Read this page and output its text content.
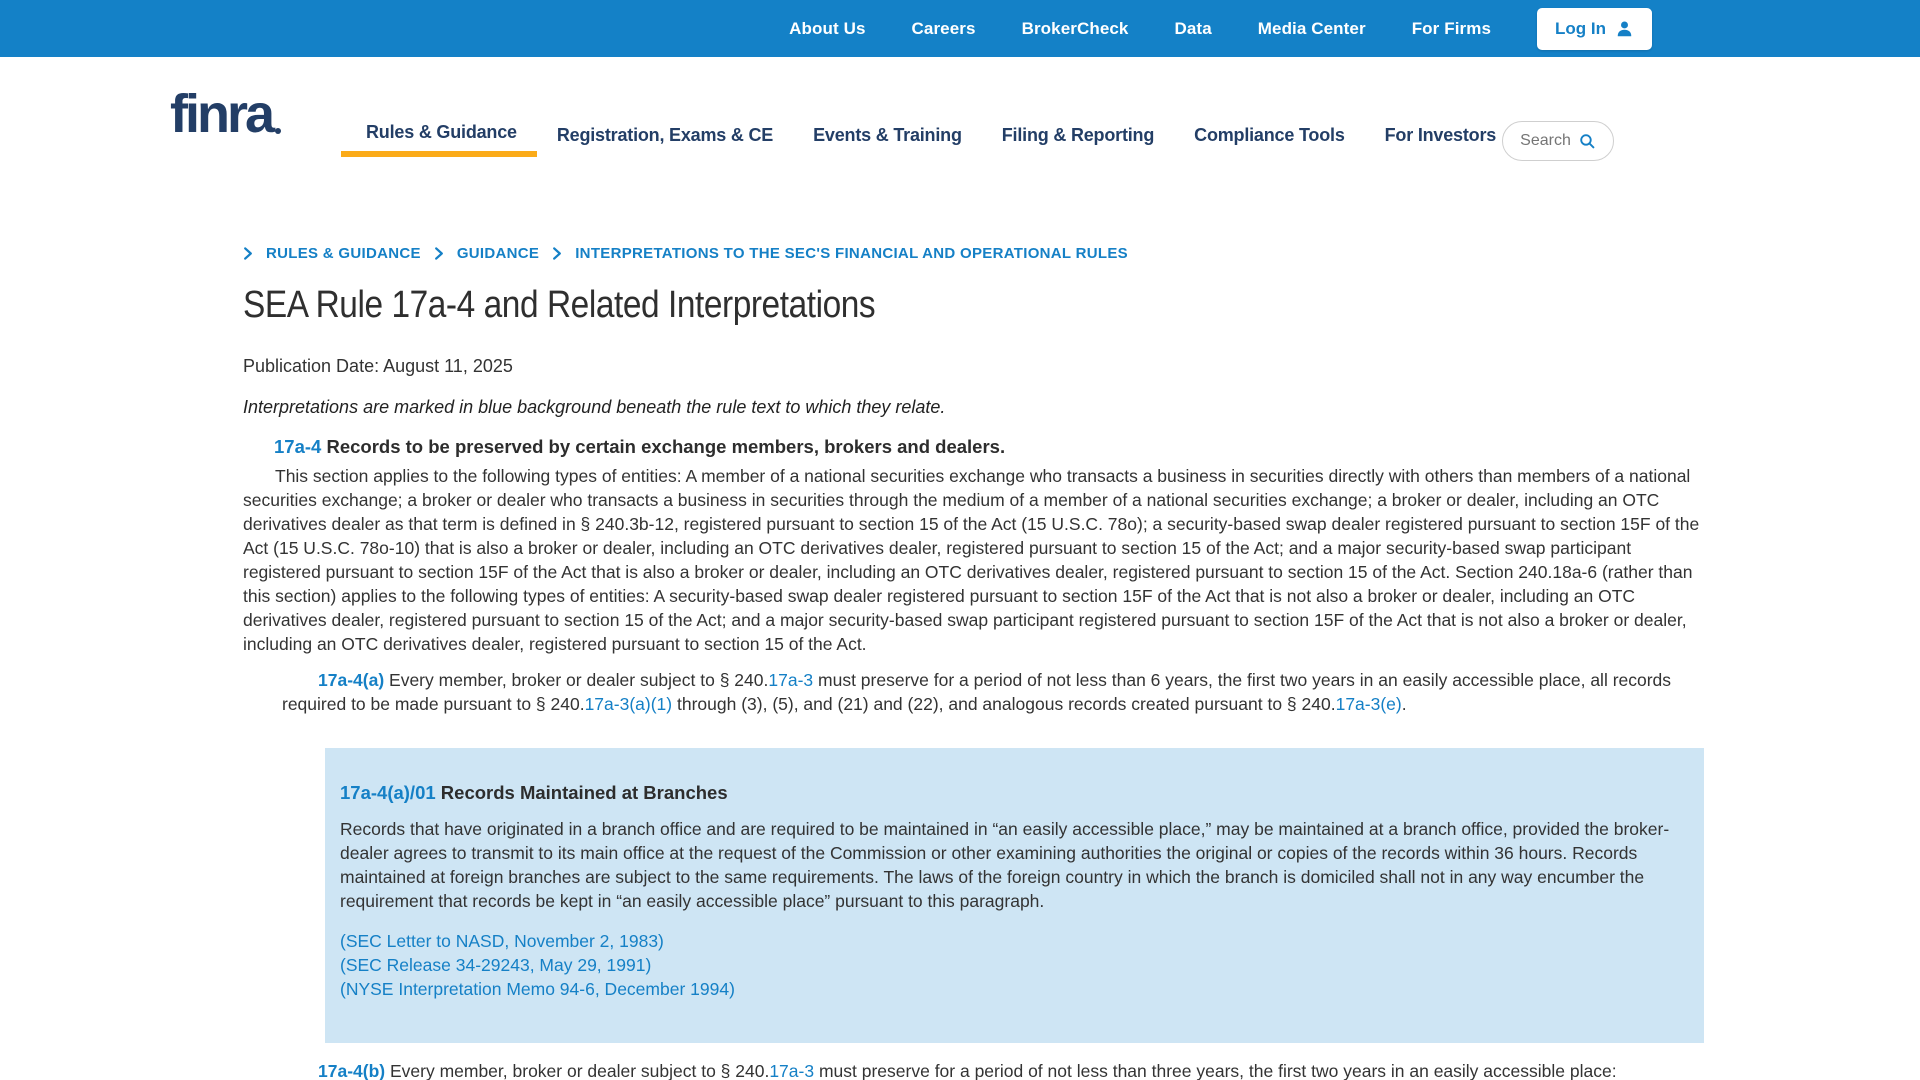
About Us	Careers	BrokerCheck	Data	Media Center	For Firms	Log In
finra	Rules & Guidance Registration, Exams & CE Events & Training Filing & Reporting Compliance Tools For Investors Search
RULES & GUIDANCE GUIDANCE INTERPRETATIONS TO THE SEC'S FINANCIAL AND OPERATIONAL RULES
SEA Rule 17a-4 and Related Interpretations

Publication Date: August 11, 2025

Interpretations are marked in blue background beneath the rule text to which they relate.

17a-4 Records to be preserved by certain exchange members, brokers and dealers.

This section applies to the following types of entities: A member of a national securities exchange who transacts a business in securities directly with others than members of a national securities exchange; a broker or dealer who transacts a business in securities through the medium of a member of a national securities exchange; a broker or dealer, including an OTC derivatives dealer as that term is defined in § 240.3b-12, registered pursuant to section 15 of the Act (15 U.S.C. 78o); a security-based swap dealer registered pursuant to section 15F of the Act (15 U.S.C. 78o-10) that is also a broker or dealer, including an OTC derivatives dealer, registered pursuant to section 15 of the Act; and a major security-based swap participant registered pursuant to section 15F of the Act that is also a broker or dealer, including an OTC derivatives dealer, registered pursuant to section 15 of the Act. Section 240.18a-6 (rather than this section) applies to the following types of entities: A security-based swap dealer registered pursuant to section 15F of the Act that is not also a broker or dealer, including an OTC derivatives dealer, registered pursuant to section 15 of the Act; and a major security-based swap participant registered pursuant to section 15F of the Act that is not also a broker or dealer, including an OTC derivatives dealer, registered pursuant to section 15 of the Act.

17a-4(a) Every member, broker or dealer subject to § 240.17a-3 must preserve for a period of not less than 6 years, the first two years in an easily accessible place, all records required to be made pursuant to § 240.17a-3(a)(1) through (3), (5), and (21) and (22), and analogous records created pursuant to § 240.17a-3(e).

17a-4(a)/01 Records Maintained at Branches

Records that have originated in a branch office and are required to be maintained in “an easily accessible place,” may be maintained at a branch office, provided the broker-dealer agrees to transmit to its main office at the request of the Commission or other examining authorities the original or copies of the records within 36 hours. Records maintained at foreign branches are subject to the same requirements. The laws of the foreign country in which the branch is domiciled shall not in any way encumber the requirement that records be kept in “an easily accessible place” pursuant to this paragraph.

(SEC Letter to NASD, November 2, 1983)
(SEC Release 34-29243, May 29, 1991)
(NYSE Interpretation Memo 94-6, December 1994)

17a-4(b) Every member, broker or dealer subject to § 240.17a-3 must preserve for a period of not less than three years, the first two years in an easily accessible place:
